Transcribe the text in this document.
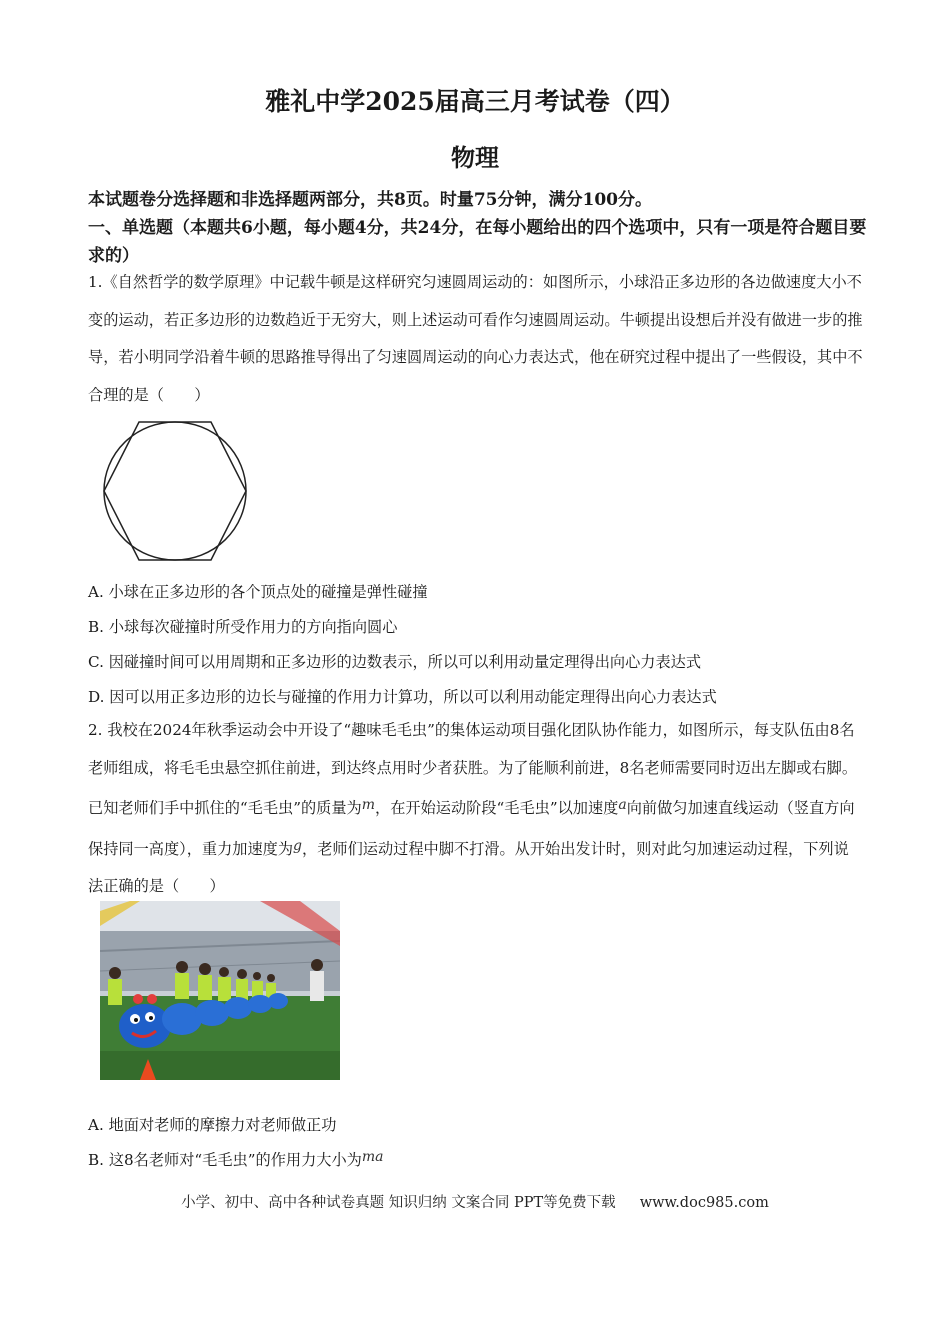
雅礼中学2025届高三月考试卷（四）
物理
本试题卷分选择题和非选择题两部分，共8页。时量75分钟，满分100分。
一、单选题（本题共6小题，每小题4分，共24分，在每小题给出的四个选项中，只有一项是符合题目要求的）
1.《自然哲学的数学原理》中记载牛顿是这样研究匀速圆周运动的：如图所示，小球沿正多边形的各边做速度大小不变的运动，若正多边形的边数趋近于无穷大，则上述运动可看作匀速圆周运动。牛顿提出设想后并没有做进一步的推导，若小明同学沿着牛顿的思路推导得出了匀速圆周运动的向心力表达式，他在研究过程中提出了一些假设，其中不合理的是（　　）
A. 小球在正多边形的各个顶点处的碰撞是弹性碰撞
B. 小球每次碰撞时所受作用力的方向指向圆心
C. 因碰撞时间可以用周期和正多边形的边数表示，所以可以利用动量定理得出向心力表达式
D. 因可以用正多边形的边长与碰撞的作用力计算功，所以可以利用动能定理得出向心力表达式
2. 我校在2024年秋季运动会中开设了“趣味毛毛虫”的集体运动项目强化团队协作能力，如图所示，每支队伍由8名老师组成，将毛毛虫悬空抓住前进，到达终点用时少者获胜。为了能顺利前进，8名老师需要同时迈出左脚或右脚。已知老师们手中抓住的“毛毛虫”的质量为m，在开始运动阶段“毛毛虫”以加速度a向前做匀加速直线运动（竖直方向保持同一高度），重力加速度为g，老师们运动过程中脚不打滑。从开始出发计时，则对此匀加速运动过程，下列说法正确的是（　　）
A. 地面对老师的摩擦力对老师做正功
B. 这8名老师对“毛毛虫”的作用力大小为ma
小学、初中、高中各种试卷真题 知识归纳 文案合同 PPT等免费下载 www.doc985.com
